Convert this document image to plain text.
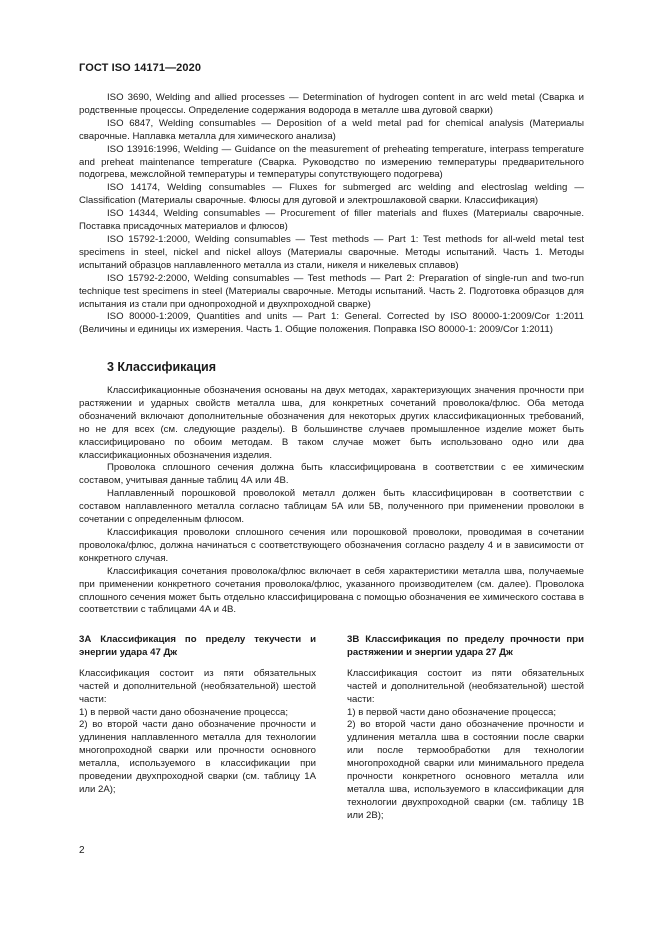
ГОСТ ISO 14171—2020

ISO 3690, Welding and allied processes — Determination of hydrogen content in arc weld metal (Сварка и родственные процессы. Определение содержания водорода в металле шва дуговой сварки)

ISO 6847, Welding consumables — Deposition of a weld metal pad for chemical analysis (Материалы сварочные. Наплавка металла для химического анализа)

ISO 13916:1996, Welding — Guidance on the measurement of preheating temperature, interpass temperature and preheat maintenance temperature (Сварка. Руководство по измерению температуры предварительного подогрева, межслойной температуры и температуры сопутствующего подогрева)

ISO 14174, Welding consumables — Fluxes for submerged arc welding and electroslag welding — Classification (Материалы сварочные. Флюсы для дуговой и электрошлаковой сварки. Классификация)

ISO 14344, Welding consumables — Procurement of filler materials and fluxes (Материалы сварочные. Поставка присадочных материалов и флюсов)

ISO 15792-1:2000, Welding consumables — Test methods — Part 1: Test methods for all-weld metal test specimens in steel, nickel and nickel alloys (Материалы сварочные. Методы испытаний. Часть 1. Методы испытаний образцов наплавленного металла из стали, никеля и никелевых сплавов)

ISO 15792-2:2000, Welding consumables — Test methods — Part 2: Preparation of single-run and two-run technique test specimens in steel (Материалы сварочные. Методы испытаний. Часть 2. Подготовка образцов для испытания из стали при однопроходной и двухпроходной сварке)

ISO 80000-1:2009, Quantities and units — Part 1: General. Corrected by ISO 80000-1:2009/Cor 1:2011 (Величины и единицы их измерения. Часть 1. Общие положения. Поправка ISO 80000-1: 2009/Cor 1:2011)

3 Классификация

Классификационные обозначения основаны на двух методах, характеризующих значения прочности при растяжении и ударных свойств металла шва, для конкретных сочетаний проволока/флюс. Оба метода обозначений включают дополнительные обозначения для некоторых других классификационных требований, но не для всех (см. следующие разделы). В большинстве случаев промышленное изделие может быть классифицировано по обоим методам. В таком случае может быть использовано одно или два классификационных обозначения изделия.

Проволока сплошного сечения должна быть классифицирована в соответствии с ее химическим составом, учитывая данные таблиц 4А или 4В.

Наплавленный порошковой проволокой металл должен быть классифицирован в соответствии с составом наплавленного металла согласно таблицам 5А или 5В, полученного при применении проволоки в сочетании с определенным флюсом.

Классификация проволоки сплошного сечения или порошковой проволоки, проводимая в сочетании проволока/флюс, должна начинаться с соответствующего обозначения согласно разделу 4 и в зависимости от конкретного случая.

Классификация сочетания проволока/флюс включает в себя характеристики металла шва, получаемые при применении конкретного сочетания проволока/флюс, указанного производителем (см. далее). Проволока сплошного сечения может быть отдельно классифицирована с помощью обозначения ее химического состава в соответствии с таблицами 4А и 4В.

3А Классификация по пределу текучести и энергии удара 47 Дж

Классификация состоит из пяти обязательных частей и дополнительной (необязательной) шестой части:

1) в первой части дано обозначение процесса;

2) во второй части дано обозначение прочности и удлинения наплавленного металла для технологии многопроходной сварки или прочности основного металла, используемого в классификации при проведении двухпроходной сварки (см. таблицу 1А или 2А);

3В Классификация по пределу прочности при растяжении и энергии удара 27 Дж

Классификация состоит из пяти обязательных частей и дополнительной (необязательной) шестой части:

1) в первой части дано обозначение процесса;

2) во второй части дано обозначение прочности и удлинения металла шва в состоянии после сварки или после термообработки для технологии многопроходной сварки или минимального предела прочности конкретного основного металла или металла шва, используемого в классификации для технологии двухпроходной сварки (см. таблицу 1В или 2В);

2
